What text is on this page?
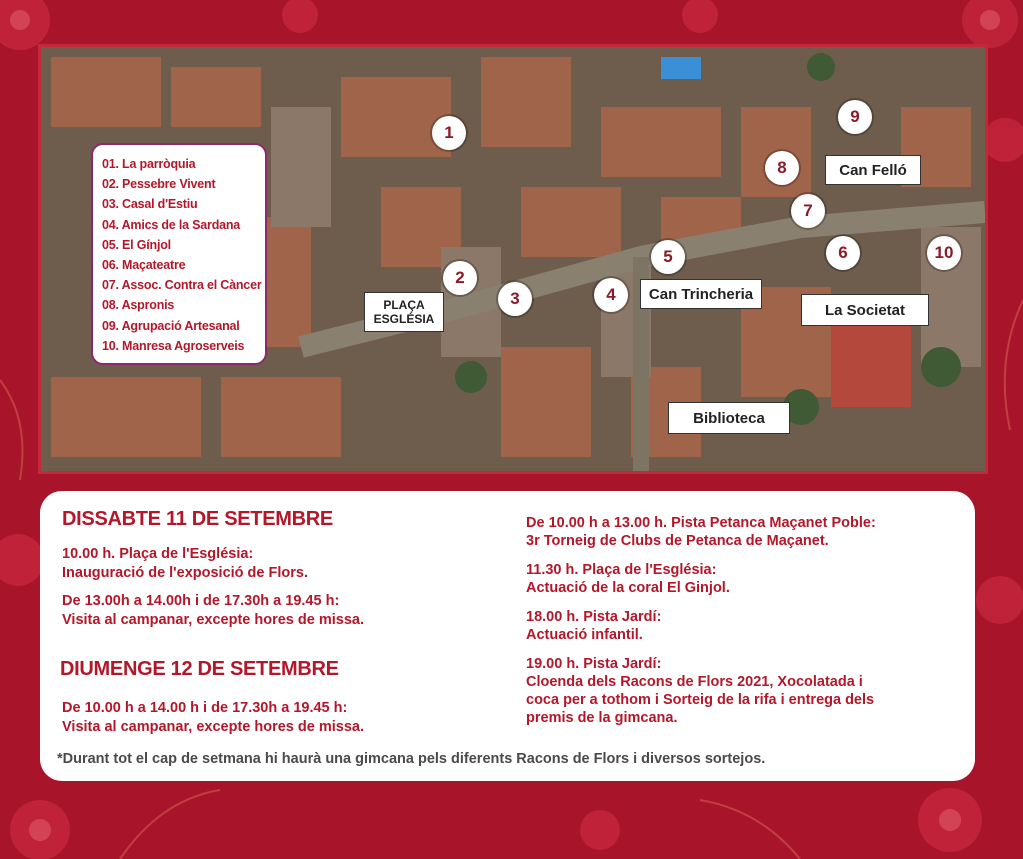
01. La parròquia
02. Pessebre Vivent
03. Casal d'Estiu
04. Amics de la Sardana
05. El Gínjol
06. Maçateatre
07. Assoc. Contra el Càncer
08. Aspronis
09. Agrupació Artesanal
10. Manresa Agroserveis
1
2
3	4
5	6
7
8
9
10
PLAÇA
ESGLÉSIA
Can Trincheria
Can Felló
La Societat
Biblioteca
DISSABTE 11 DE SETEMBRE
10.00 h. Plaça de l'Església:
Inauguració de l'exposició de Flors.
De 13.00h a 14.00h i de 17.30h a 19.45 h:
Visita al campanar, excepte hores de missa.
DIUMENGE 12 DE SETEMBRE
De 10.00 h a 14.00 h i de 17.30h a 19.45 h:
Visita al campanar, excepte hores de missa.
De 10.00 h a 13.00 h. Pista Petanca Maçanet Poble:
3r Torneig de Clubs de Petanca de Maçanet.
11.30 h. Plaça de l'Església:
Actuació de la coral El Ginjol.
18.00 h. Pista Jardí:
Actuació infantil.
19.00 h. Pista Jardí:
Cloenda dels Racons de Flors 2021, Xocolatada i
coca per a tothom i Sorteig de la rifa i entrega dels
premis de la gimcana.
*Durant tot el cap de setmana hi haurà una gimcana pels diferents Racons de Flors i diversos sortejos.
